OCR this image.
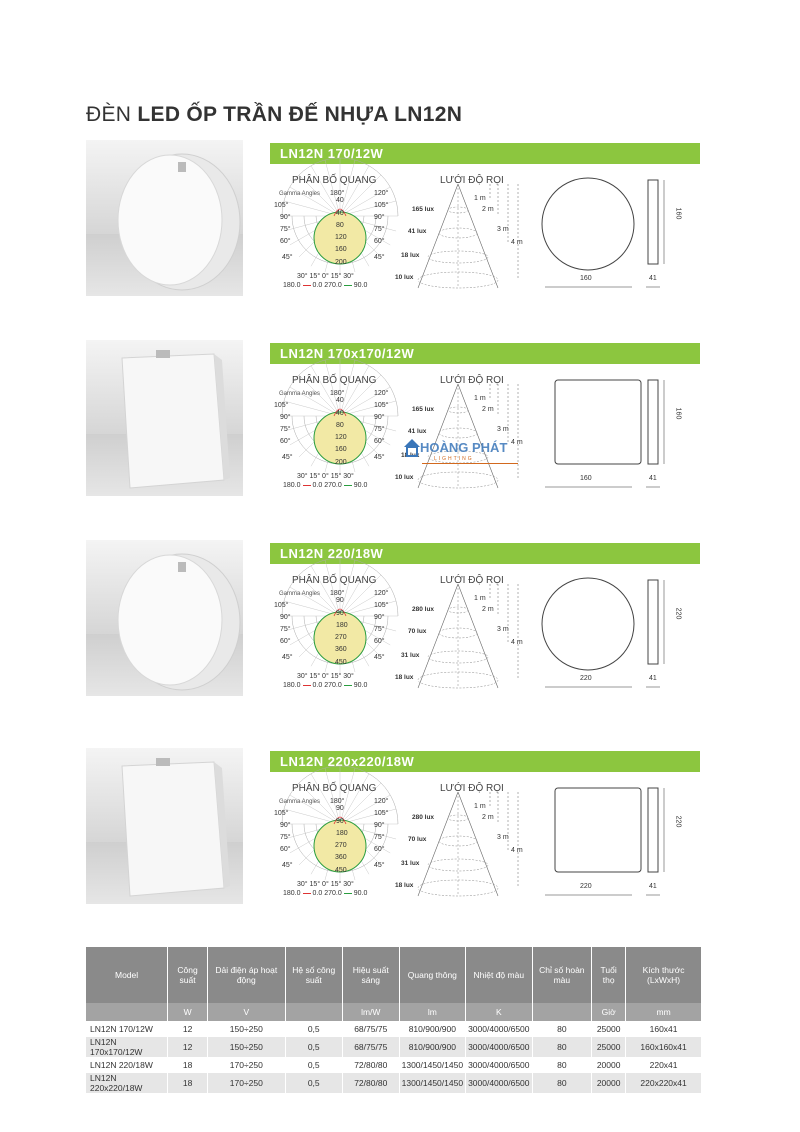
ĐÈN LED ỐP TRẦN ĐẾ NHỰA LN12N
LN12N 170/12W
PHÂN BỐ QUANG	LƯỚI ĐỘ RỌI
Gamma Angles 180°
105°
120°
105°
90°	90°
75°	75°
60°	60°
45°	45°
30° 15° 0° 15° 30°
40
40
80
120
160
200
180.0 0.0 270.0 90.0
165 lux
41 lux
18 lux
10 lux
1 m
2 m
3 m
4 m
160
160
41
LN12N 170x170/12W
PHÂN BỐ QUANG	LƯỚI ĐỘ RỌI
Gamma Angles 180°
105°
120°
105°
90°	90°
75°	75°
60°	60°
45°	45°
30° 15° 0° 15° 30°
40
40
80
120
160
200
180.0 0.0 270.0 90.0
165 lux
41 lux
18 lux
10 lux
1 m
2 m
3 m
4 m
160
160
41
LN12N 220/18W
PHÂN BỐ QUANG	LƯỚI ĐỘ RỌI
Gamma Angles 180°
105°
120°
105°
90°	90°
75°	75°
60°	60°
45°	45°
30° 15° 0° 15° 30°
90
90
180
270
360
450
180.0 0.0 270.0 90.0
280 lux
70 lux
31 lux
18 lux
1 m
2 m
3 m
4 m
220
220
41
LN12N 220x220/18W
PHÂN BỐ QUANG	LƯỚI ĐỘ RỌI
Gamma Angles 180°
105°
120°
105°
90°	90°
75°	75°
60°	60°
45°	45°
30° 15° 0° 15° 30°
90
90
180
270
360
450
180.0 0.0 270.0 90.0
280 lux
70 lux
31 lux
18 lux
1 m
2 m
3 m
4 m
220
220
41
HOÀNG PHÁT
LIGHTING
Model	Công suất	Dải điện áp hoạt động	Hệ số công suất	Hiệu suất sáng	Quang thông	Nhiệt độ màu	Chỉ số hoàn màu	Tuổi thọ	Kích thước (LxWxH)
	W	V		lm/W	lm	K		Giờ	mm
LN12N 170/12W	12	150÷250	0,5	68/75/75	810/900/900	3000/4000/6500	80	25000	160x41
LN12N 170x170/12W	12	150÷250	0,5	68/75/75	810/900/900	3000/4000/6500	80	25000	160x160x41
LN12N 220/18W	18	170÷250	0,5	72/80/80	1300/1450/1450	3000/4000/6500	80	20000	220x41
LN12N 220x220/18W	18	170÷250	0,5	72/80/80	1300/1450/1450	3000/4000/6500	80	20000	220x220x41
